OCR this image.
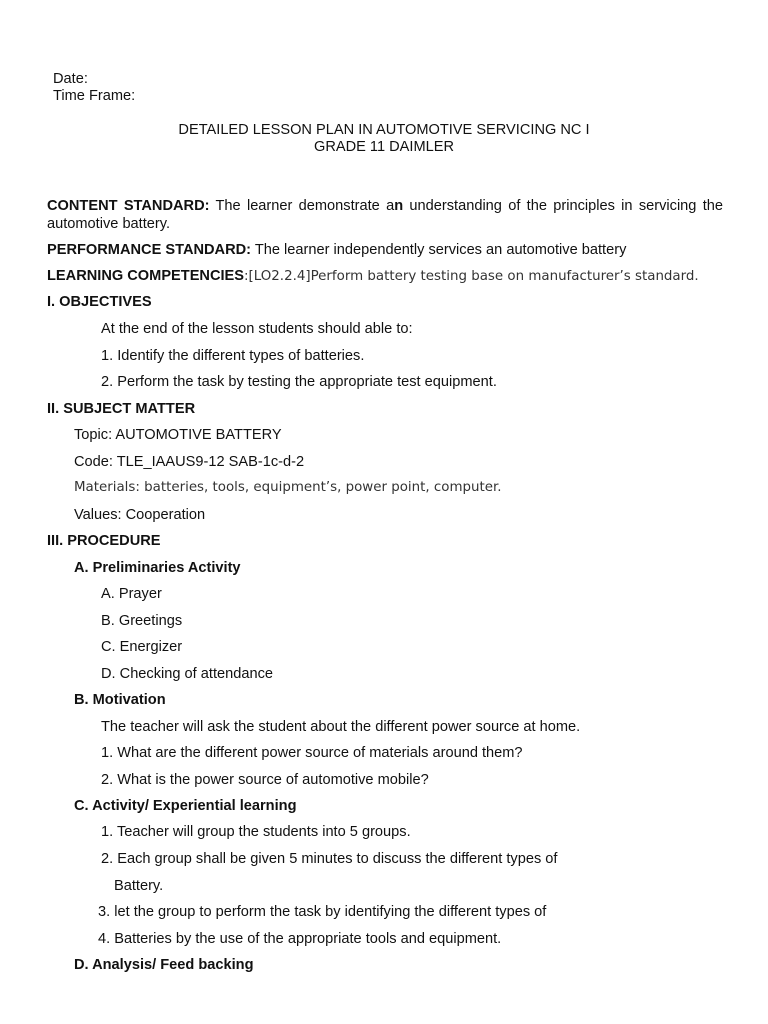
Date:
Time Frame:
DETAILED LESSON PLAN IN AUTOMOTIVE SERVICING NC I
GRADE 11 DAIMLER
CONTENT STANDARD: The learner demonstrate an understanding of the principles in servicing the automotive battery.
PERFORMANCE STANDARD: The learner independently services an automotive battery
LEARNING COMPETENCIES:[LO2.2.4]Perform battery testing base on manufacturer’s standard.
I. OBJECTIVES
At the end of the lesson students should able to:
1. Identify the different types of batteries.
2. Perform the task by testing the appropriate test equipment.
II. SUBJECT MATTER
Topic: AUTOMOTIVE BATTERY
Code: TLE_IAAUS9-12 SAB-1c-d-2
Materials: batteries, tools, equipment’s, power point, computer.
Values: Cooperation
III. PROCEDURE
A. Preliminaries Activity
A. Prayer
B. Greetings
C. Energizer
D. Checking of attendance
B. Motivation
The teacher will ask the student about the different power source at home.
1. What are the different power source of materials around them?
2. What is the power source of automotive mobile?
C. Activity/ Experiential learning
1. Teacher will group the students into 5 groups.
2. Each group shall be given 5 minutes to discuss the different types of
Battery.
3. let the group to perform the task by identifying the different types of
4. Batteries by the use of the appropriate tools and equipment.
D. Analysis/ Feed backing
